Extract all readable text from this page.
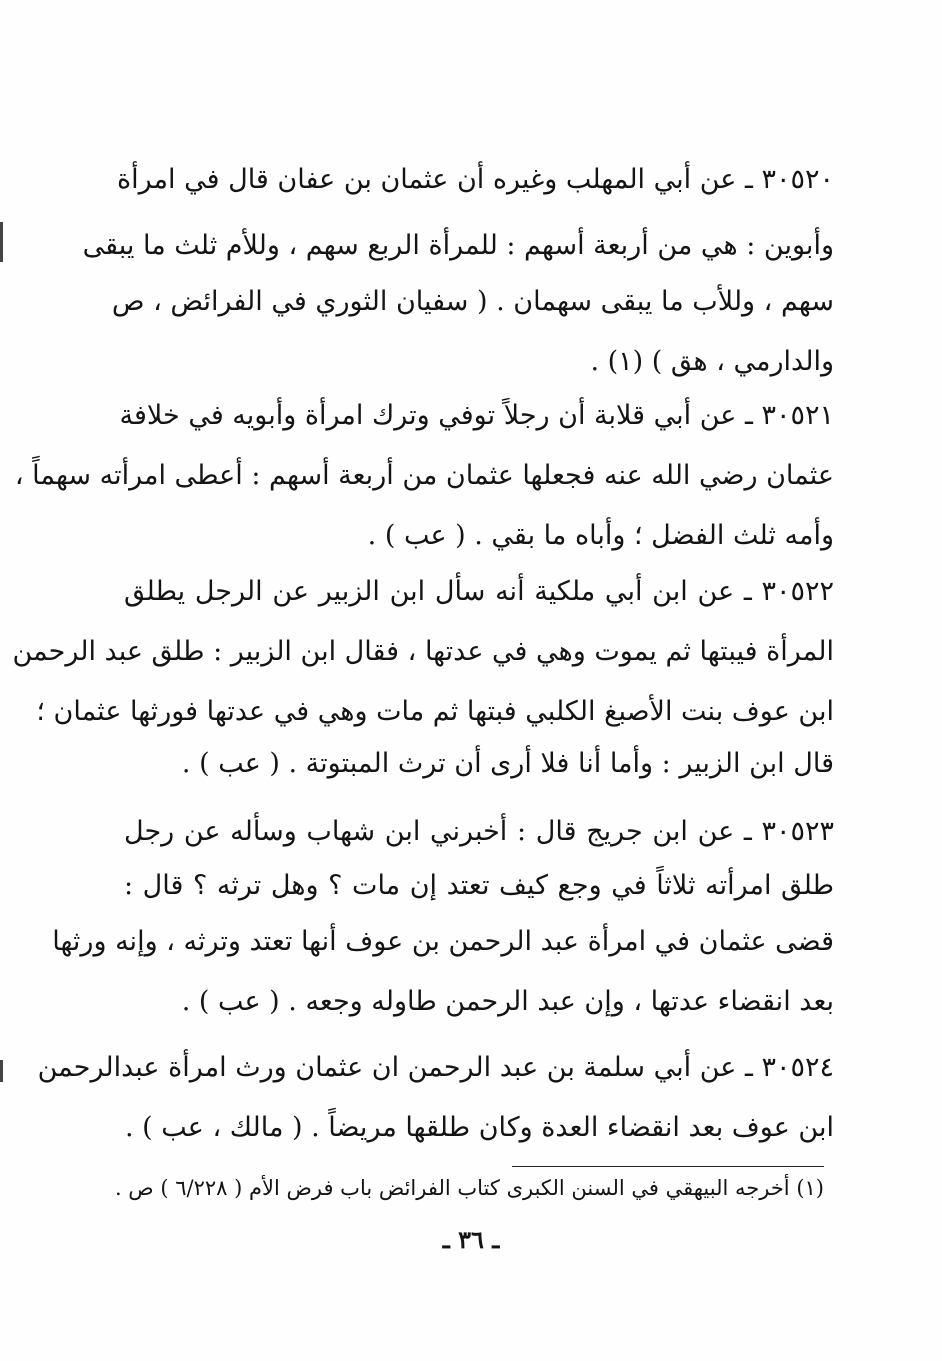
٣٠٥٢٠ ـ عن أبي المهلب وغيره أن عثمان بن عفان قال في امرأة
وأبوين : هي من أربعة أسهم : للمرأة الربع سهم ، وللأم ثلث ما يبقى
سهم ، وللأب ما يبقى سهمان . ( سفيان الثوري في الفرائض ، ص
والدارمي ، هق ) (١) .
٣٠٥٢١ ـ عن أبي قلابة أن رجلاً توفي وترك امرأة وأبويه في خلافة
عثمان رضي الله عنه فجعلها عثمان من أربعة أسهم : أعطى امرأته سهماً ،
وأمه ثلث الفضل ؛ وأباه ما بقي . ( عب ) .
٣٠٥٢٢ ـ عن ابن أبي ملكية أنه سأل ابن الزبير عن الرجل يطلق
المرأة فيبتها ثم يموت وهي في عدتها ، فقال ابن الزبير : طلق عبد الرحمن
ابن عوف بنت الأصبغ الكلبي فبتها ثم مات وهي في عدتها فورثها عثمان ؛
قال ابن الزبير : وأما أنا فلا أرى أن ترث المبتوتة . ( عب ) .
٣٠٥٢٣ ـ عن ابن جريج قال : أخبرني ابن شهاب وسأله عن رجل
طلق امرأته ثلاثاً في وجع كيف تعتد إن مات ؟ وهل ترثه ؟ قال :
قضى عثمان في امرأة عبد الرحمن بن عوف أنها تعتد وترثه ، وإنه ورثها
بعد انقضاء عدتها ، وإن عبد الرحمن طاوله وجعه . ( عب ) .
٣٠٥٢٤ ـ عن أبي سلمة بن عبد الرحمن ان عثمان ورث امرأة عبدالرحمن
ابن عوف بعد انقضاء العدة وكان طلقها مريضاً . ( مالك ، عب ) .
(١) أخرجه البيهقي في السنن الكبرى كتاب الفرائض باب فرض الأم ( ٦/٢٢٨ ) ص .
ـ ٣٦ ـ
